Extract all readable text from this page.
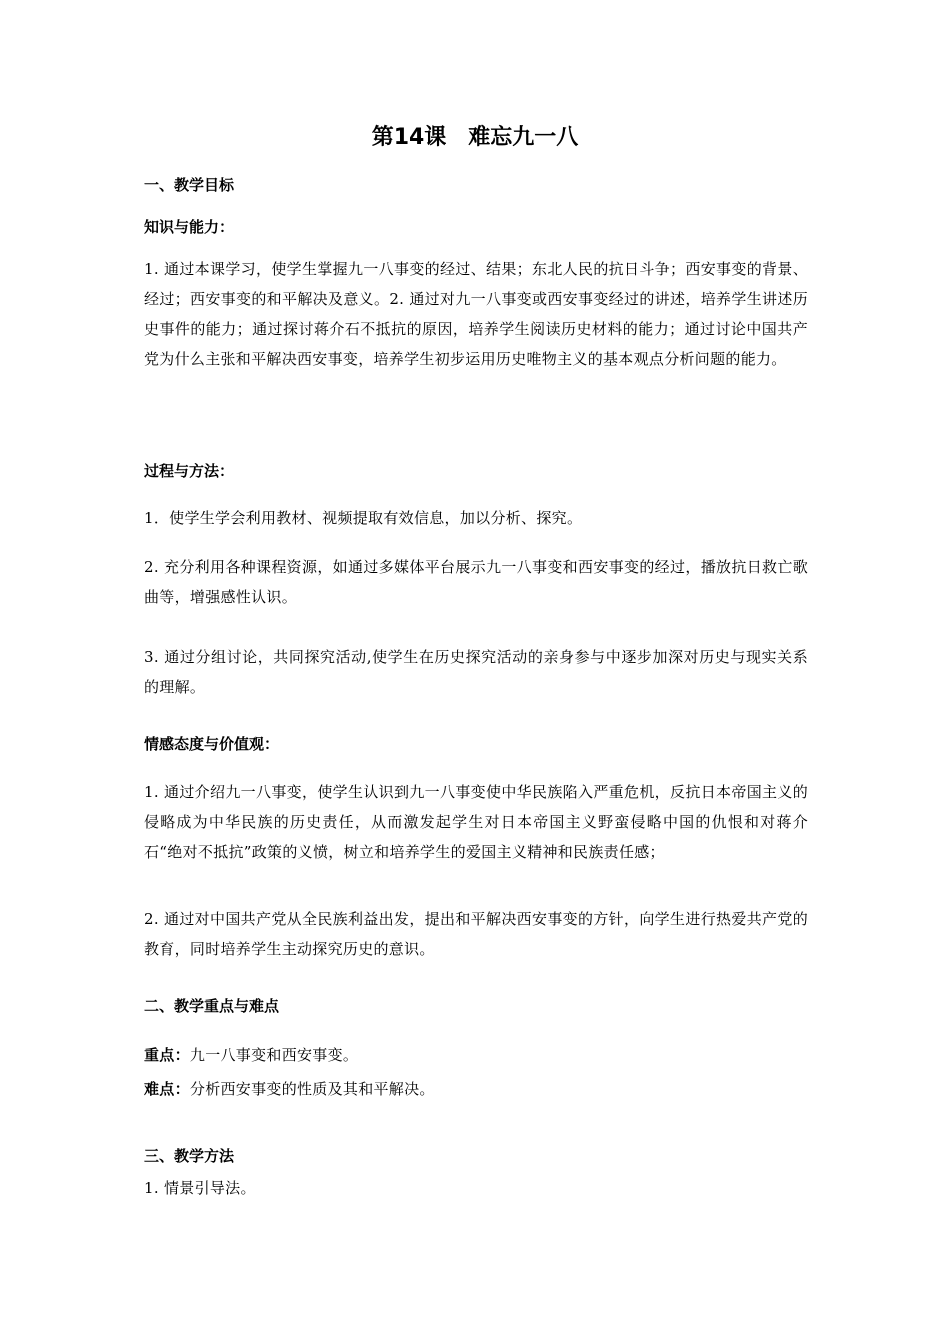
第14课　难忘九一八
一、教学目标
知识与能力：
1. 通过本课学习，使学生掌握九一八事变的经过、结果；东北人民的抗日斗争；西安事变的背景、经过；西安事变的和平解决及意义。2. 通过对九一八事变或西安事变经过的讲述，培养学生讲述历史事件的能力；通过探讨蒋介石不抵抗的原因，培养学生阅读历史材料的能力；通过讨论中国共产党为什么主张和平解决西安事变，培养学生初步运用历史唯物主义的基本观点分析问题的能力。
过程与方法：
1．使学生学会利用教材、视频提取有效信息，加以分析、探究。
2. 充分利用各种课程资源，如通过多媒体平台展示九一八事变和西安事变的经过，播放抗日救亡歌曲等，增强感性认识。
3. 通过分组讨论，共同探究活动,使学生在历史探究活动的亲身参与中逐步加深对历史与现实关系的理解。
情感态度与价值观：
1. 通过介绍九一八事变，使学生认识到九一八事变使中华民族陷入严重危机，反抗日本帝国主义的侵略成为中华民族的历史责任，从而激发起学生对日本帝国主义野蛮侵略中国的仇恨和对蒋介石“绝对不抵抗”政策的义愤，树立和培养学生的爱国主义精神和民族责任感；
2. 通过对中国共产党从全民族利益出发，提出和平解决西安事变的方针，向学生进行热爱共产党的教育，同时培养学生主动探究历史的意识。
二、教学重点与难点
重点：九一八事变和西安事变。
难点：分析西安事变的性质及其和平解决。
三、教学方法
1. 情景引导法。
